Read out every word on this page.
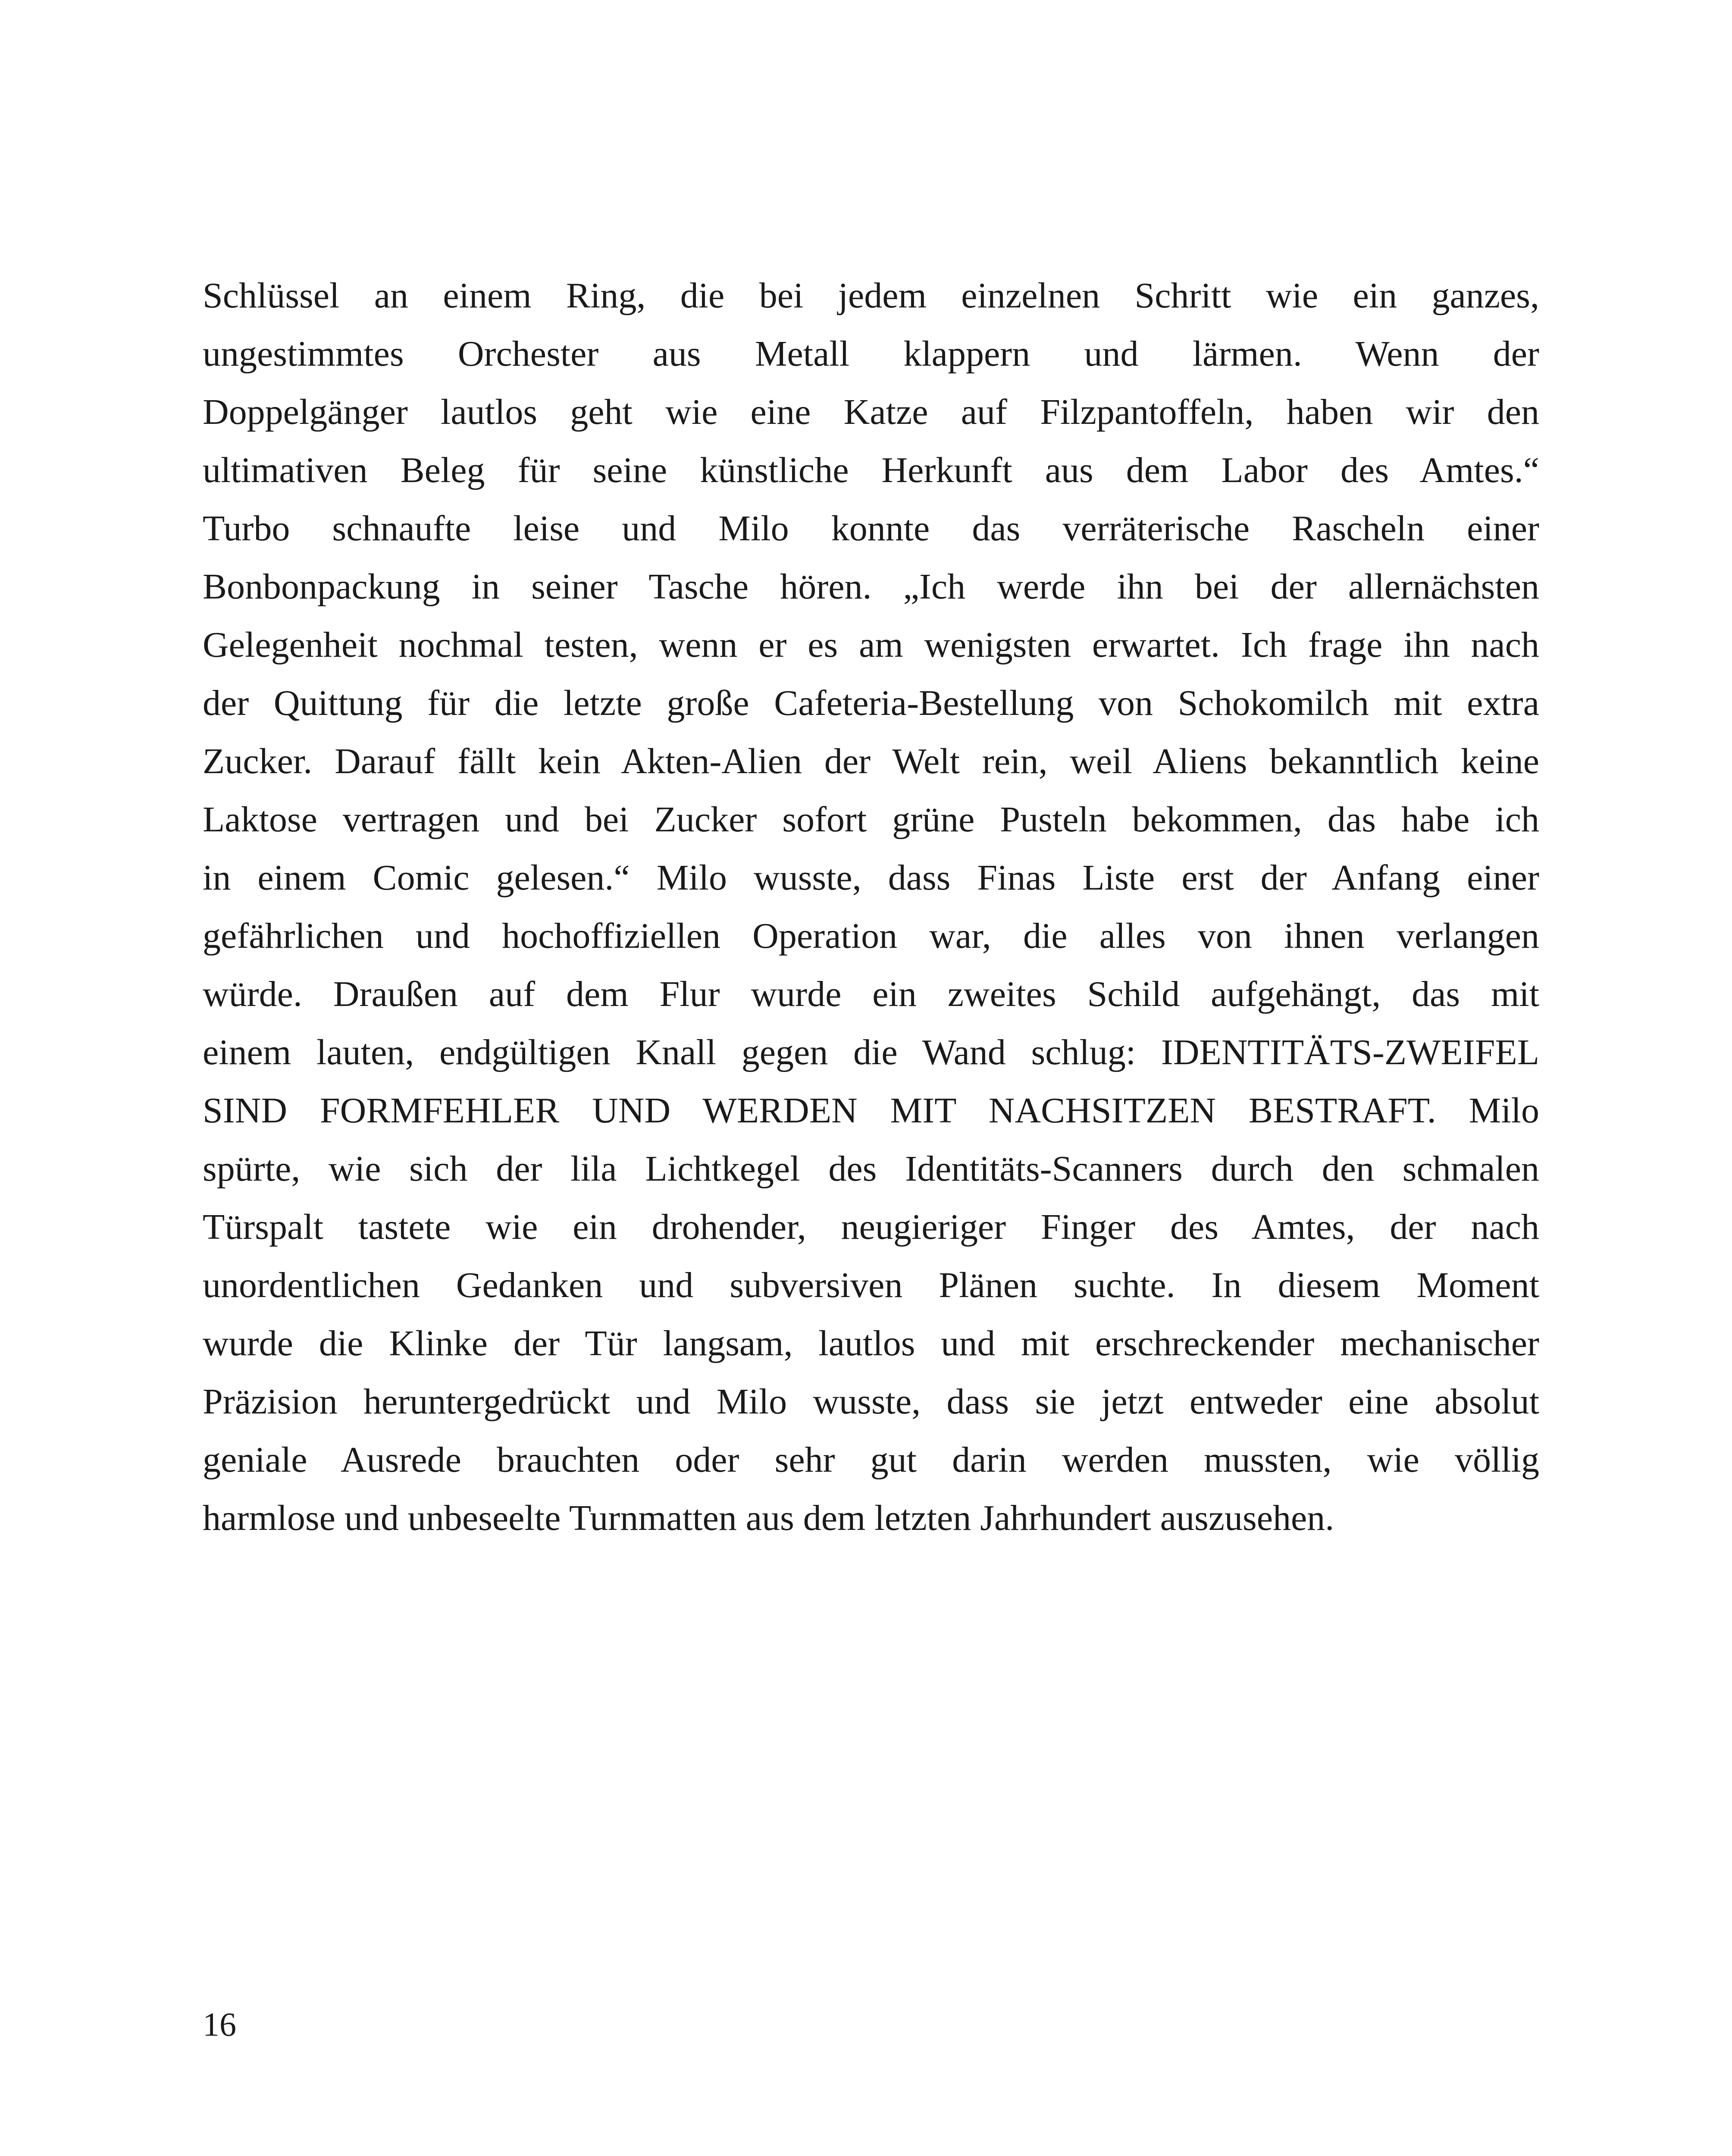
Schlüssel an einem Ring, die bei jedem einzelnen Schritt wie ein ganzes,
ungestimmtes Orchester aus Metall klappern und lärmen. Wenn der
Doppelgänger lautlos geht wie eine Katze auf Filzpantoffeln, haben wir den
ultimativen Beleg für seine künstliche Herkunft aus dem Labor des Amtes.“
Turbo schnaufte leise und Milo konnte das verräterische Rascheln einer
Bonbonpackung in seiner Tasche hören. „Ich werde ihn bei der allernächsten
Gelegenheit nochmal testen, wenn er es am wenigsten erwartet. Ich frage ihn nach
der Quittung für die letzte große Cafeteria-Bestellung von Schokomilch mit extra
Zucker. Darauf fällt kein Akten-Alien der Welt rein, weil Aliens bekanntlich keine
Laktose vertragen und bei Zucker sofort grüne Pusteln bekommen, das habe ich
in einem Comic gelesen.“ Milo wusste, dass Finas Liste erst der Anfang einer
gefährlichen und hochoffiziellen Operation war, die alles von ihnen verlangen
würde. Draußen auf dem Flur wurde ein zweites Schild aufgehängt, das mit
einem lauten, endgültigen Knall gegen die Wand schlug: IDENTITÄTS-ZWEIFEL
SIND FORMFEHLER UND WERDEN MIT NACHSITZEN BESTRAFT. Milo
spürte, wie sich der lila Lichtkegel des Identitäts-Scanners durch den schmalen
Türspalt tastete wie ein drohender, neugieriger Finger des Amtes, der nach
unordentlichen Gedanken und subversiven Plänen suchte. In diesem Moment
wurde die Klinke der Tür langsam, lautlos und mit erschreckender mechanischer
Präzision heruntergedrückt und Milo wusste, dass sie jetzt entweder eine absolut
geniale Ausrede brauchten oder sehr gut darin werden mussten, wie völlig
harmlose und unbeseelte Turnmatten aus dem letzten Jahrhundert auszusehen.
16
